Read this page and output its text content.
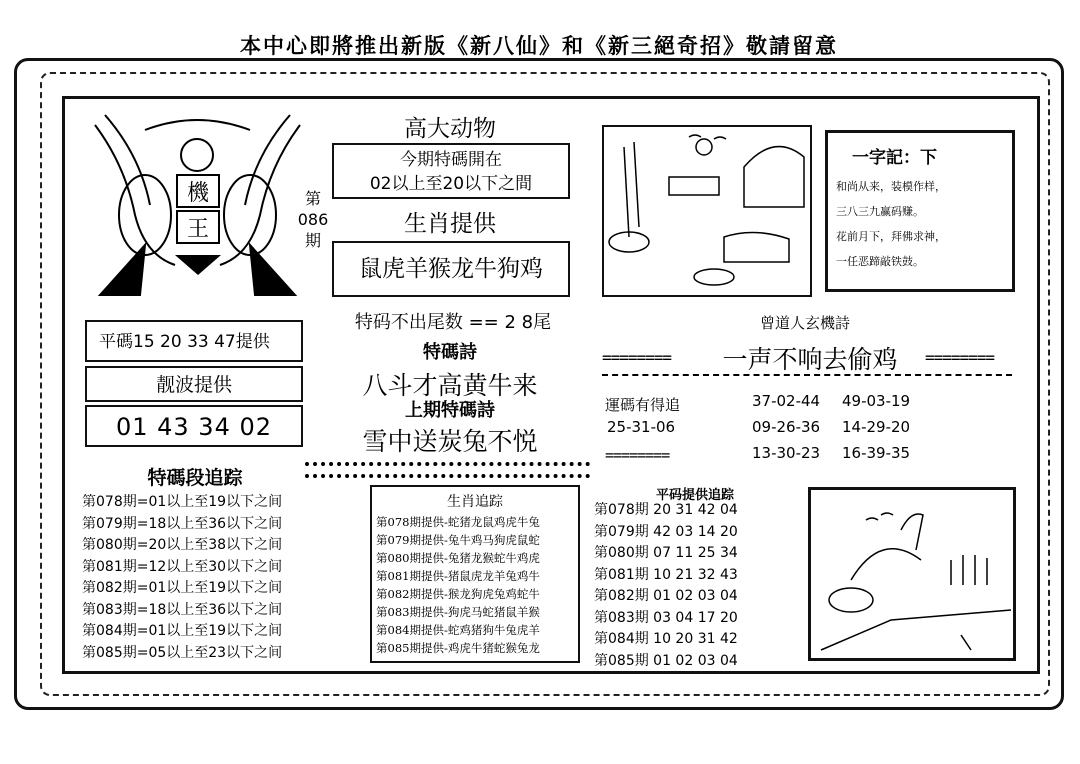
本中心即將推出新版《新八仙》和《新三絕奇招》敬請留意
機
王
第
086
期
高大动物
今期特碼開在
02以上至20以下之間
生肖提供
鼠虎羊猴龙牛狗鸡
特码不出尾数 == 2 8尾
特碼詩
八斗才高黄牛来
上期特碼詩
雪中送炭兔不悦
平碼15 20 33 47提供
靓波提供
01 43 34 02
特碼段追踪
第078期=01以上至19以下之间
第079期=18以上至36以下之间
第080期=20以上至38以下之间
第081期=12以上至30以下之间
第082期=01以上至19以下之间
第083期=18以上至36以下之间
第084期=01以上至19以下之间
第085期=05以上至23以下之间
生肖追踪
第078期提供-蛇猪龙鼠鸡虎牛兔
第079期提供-兔牛鸡马狗虎鼠蛇
第080期提供-兔猪龙猴蛇牛鸡虎
第081期提供-猪鼠虎龙羊兔鸡牛
第082期提供-猴龙狗虎兔鸡蛇牛
第083期提供-狗虎马蛇猪鼠羊猴
第084期提供-蛇鸡猪狗牛兔虎羊
第085期提供-鸡虎牛猪蛇猴兔龙
一字記：下
和尚从来，装模作样，
三八三九赢码赚。
花前月下，拜佛求神，
一任恶蹄敲铁鼓。
曾道人玄機詩
========	一声不响去偷鸡	========
運碼有得追	37-02-44 49-03-19
25-31-06	09-26-36 14-29-20
========	13-30-23 16-39-35
平码提供追踪
第078期 20 31 42 04
第079期 42 03 14 20
第080期 07 11 25 34
第081期 10 21 32 43
第082期 01 02 03 04
第083期 03 04 17 20
第084期 10 20 31 42
第085期 01 02 03 04
